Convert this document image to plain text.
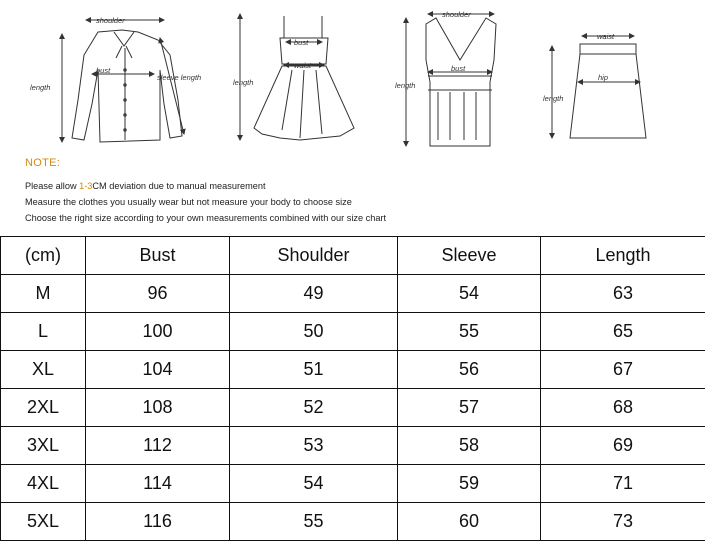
shoulder
bust
length
sleeve length
bust
waist
length
shoulder
bust
length
waist
hip
length
NOTE:
Please allow 1-3CM deviation due to manual measurement
Measure the clothes you usually wear but not measure your body to choose size
Choose the right size according to your own measurements combined with our size chart
(cm)	Bust	Shoulder	Sleeve	Length
M	96	49	54	63
L	100	50	55	65
XL	104	51	56	67
2XL	108	52	57	68
3XL	112	53	58	69
4XL	114	54	59	71
5XL	116	55	60	73
